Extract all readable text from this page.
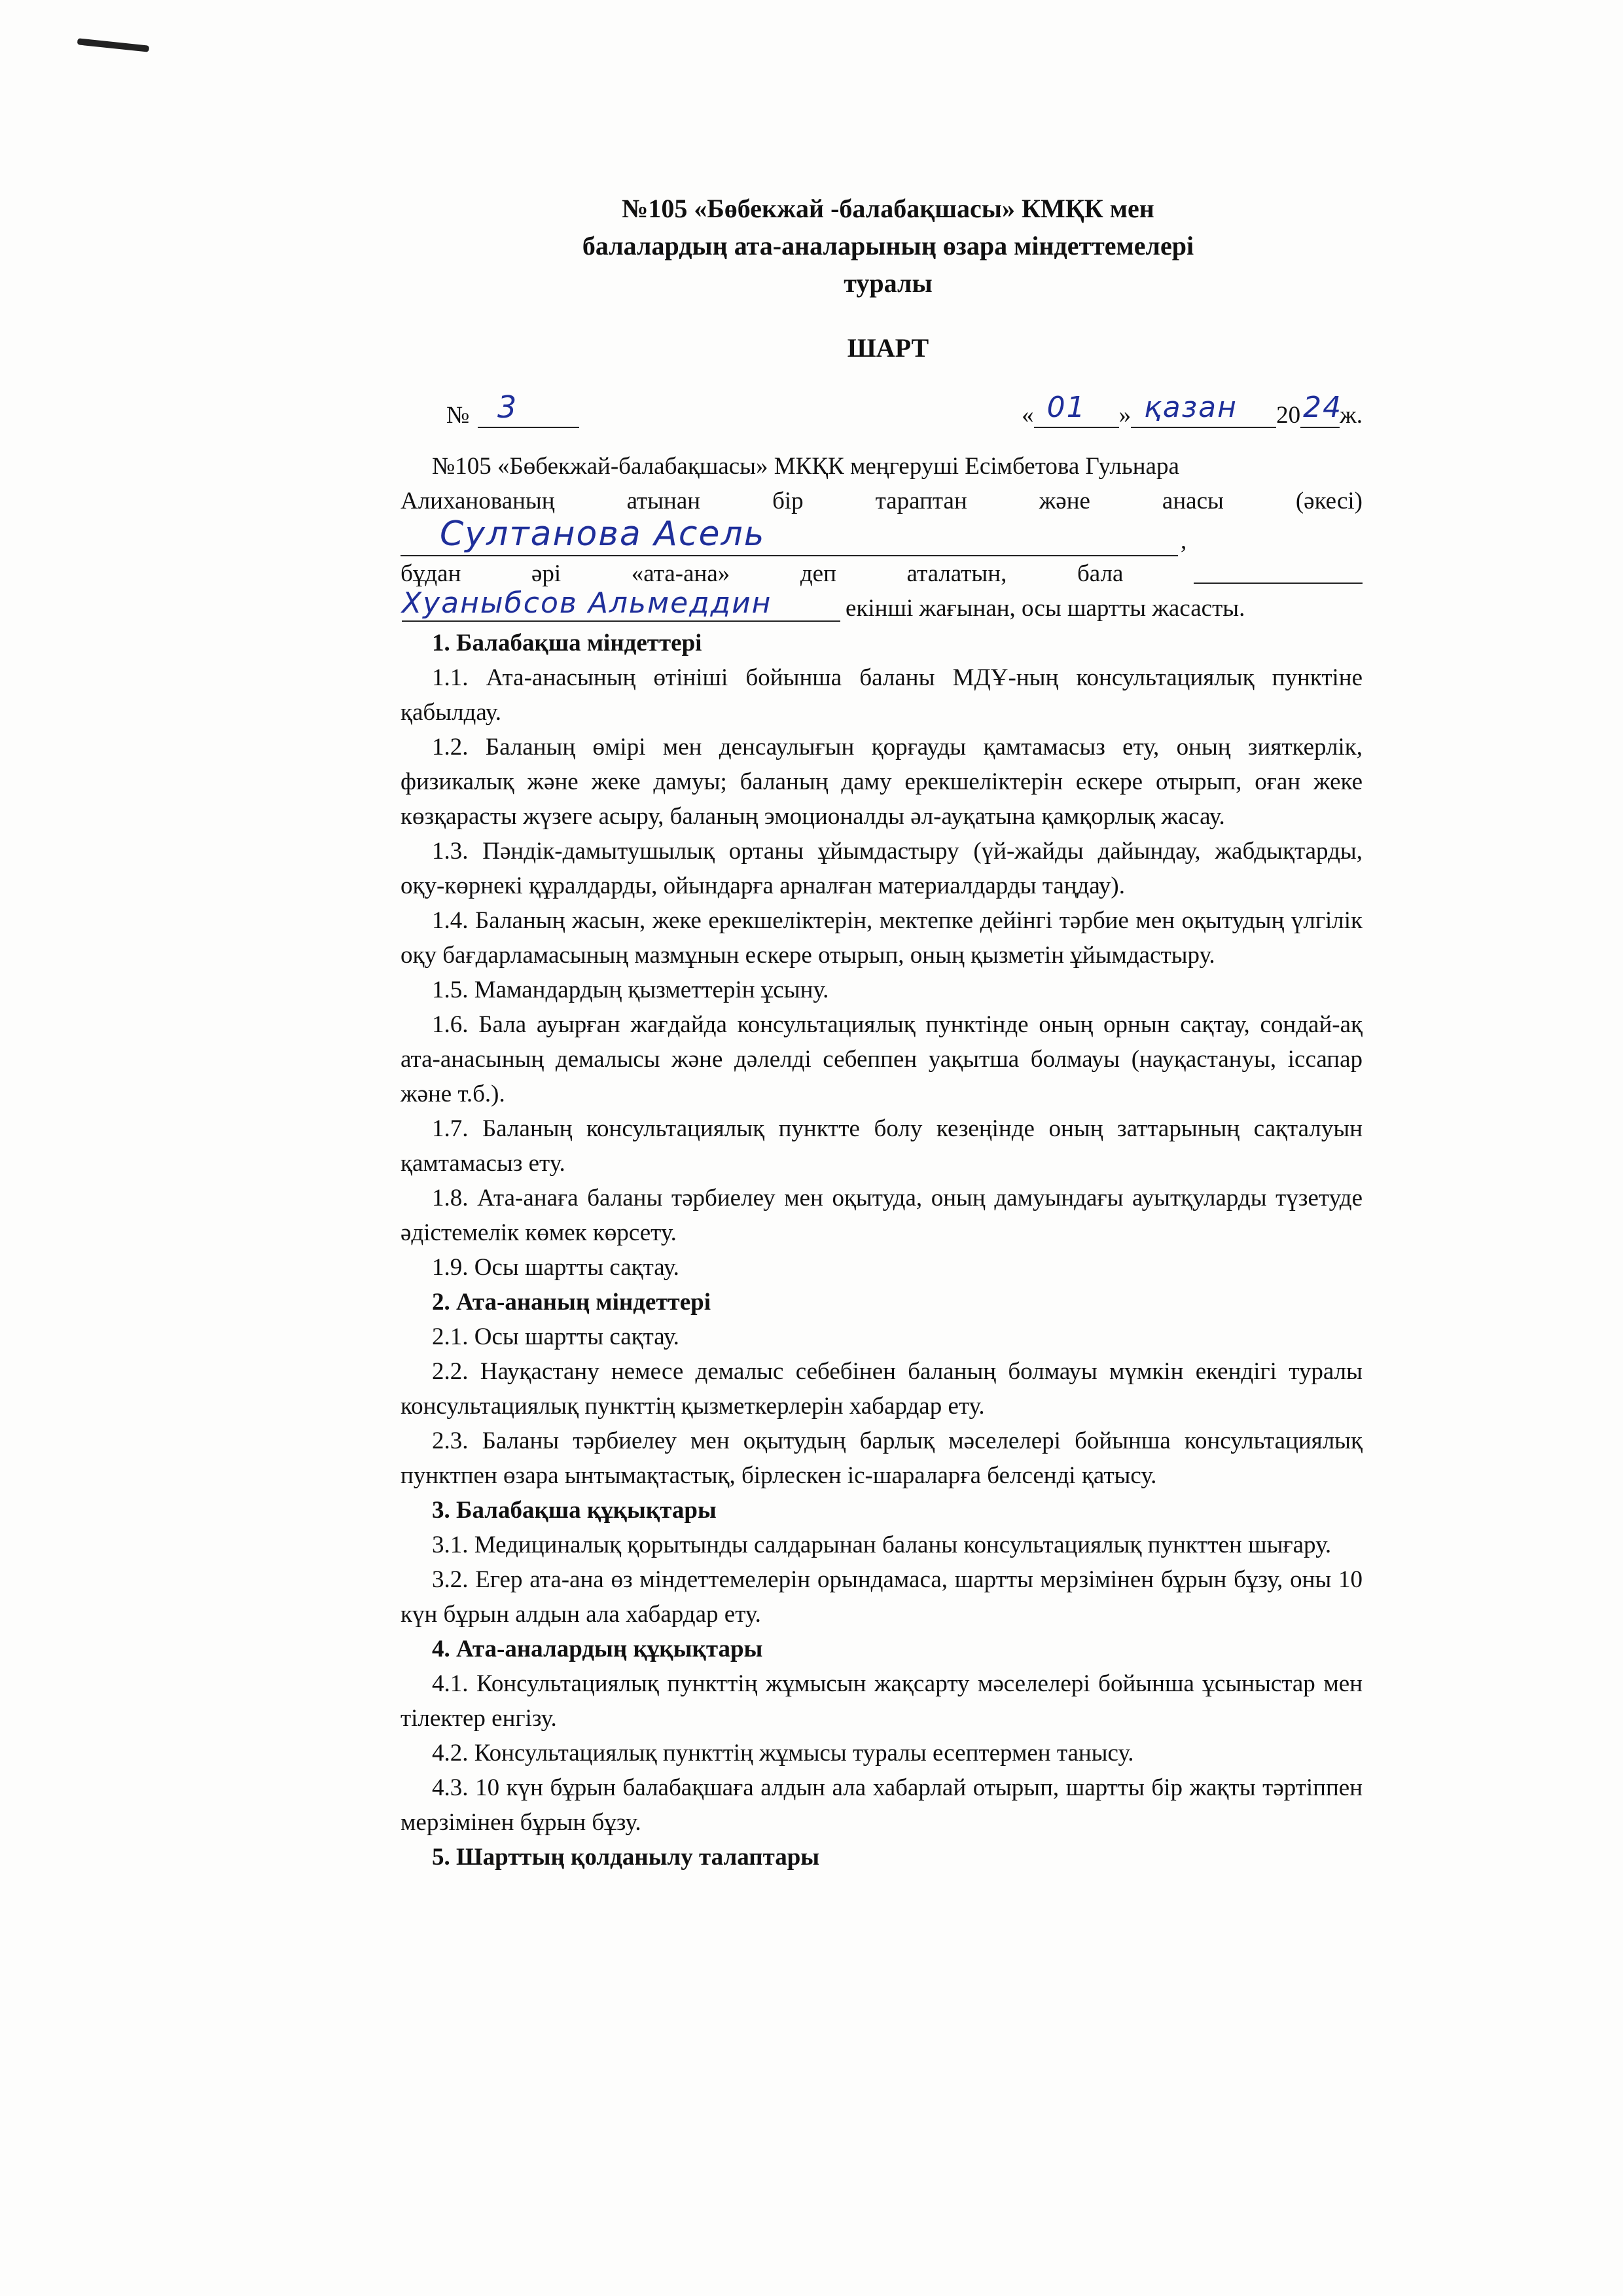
№105 «Бөбекжай -балабақшасы» КМҚК мен

балалардың ата-аналарының өзара міндеттемелері

туралы

ШАРТ

№ 3	« 01 » қазан 20 24
ж.

№105 «Бөбекжай-балабақшасы» МКҚК меңгеруші Есімбетова Гульнара

Алиханованың	атынан	бір	тараптан	және	анасы	(әкесі)
Султанова Асель	,
бұдан	әрі	«ата-ана»	деп	аталатын,	бала
Хуаныбсов Альмеддин	екінші жағынан, осы шартты жасасты.

1. Балабақша міндеттері

1.1. Ата-анасының өтініші бойынша баланы МДҰ-ның консультациялық пунктіне қабылдау.

1.2. Баланың өмірі мен денсаулығын қорғауды қамтамасыз ету, оның зияткерлік, физикалық және жеке дамуы; баланың даму ерекшеліктерін ескере отырып, оған жеке көзқарасты жүзеге асыру, баланың эмоционалды әл-ауқатына қамқорлық жасау.

1.3. Пәндік-дамытушылық ортаны ұйымдастыру (үй-жайды дайындау, жабдықтарды, оқу-көрнекі құралдарды, ойындарға арналған материалдарды таңдау).

1.4. Баланың жасын, жеке ерекшеліктерін, мектепке дейінгі тәрбие мен оқытудың үлгілік оқу бағдарламасының мазмұнын ескере отырып, оның қызметін ұйымдастыру.

1.5. Мамандардың қызметтерін ұсыну.

1.6. Бала ауырған жағдайда консультациялық пунктінде оның орнын сақтау, сондай-ақ ата-анасының демалысы және дәлелді себеппен уақытша болмауы (науқастануы, іссапар және т.б.).

1.7. Баланың консультациялық пунктте болу кезеңінде оның заттарының сақталуын қамтамасыз ету.

1.8. Ата-анаға баланы тәрбиелеу мен оқытуда, оның дамуындағы ауытқуларды түзетуде әдістемелік көмек көрсету.

1.9. Осы шартты сақтау.

2. Ата-ананың міндеттері

2.1. Осы шартты сақтау.

2.2. Науқастану немесе демалыс себебінен баланың болмауы мүмкін екендігі туралы консультациялық пункттің қызметкерлерін хабардар ету.

2.3. Баланы тәрбиелеу мен оқытудың барлық мәселелері бойынша консультациялық пунктпен өзара ынтымақтастық, бірлескен іс-шараларға белсенді қатысу.

3. Балабақша құқықтары

3.1. Медициналық қорытынды салдарынан баланы консультациялық пункттен шығару.

3.2. Егер ата-ана өз міндеттемелерін орындамаса, шартты мерзімінен бұрын бұзу, оны 10 күн бұрын алдын ала хабардар ету.

4. Ата-аналардың құқықтары

4.1. Консультациялық пункттің жұмысын жақсарту мәселелері бойынша ұсыныстар мен тілектер енгізу.

4.2. Консультациялық пункттің жұмысы туралы есептермен танысу.

4.3. 10 күн бұрын балабақшаға алдын ала хабарлай отырып, шартты бір жақты тәртіппен мерзімінен бұрын бұзу.

5. Шарттың қолданылу талаптары
